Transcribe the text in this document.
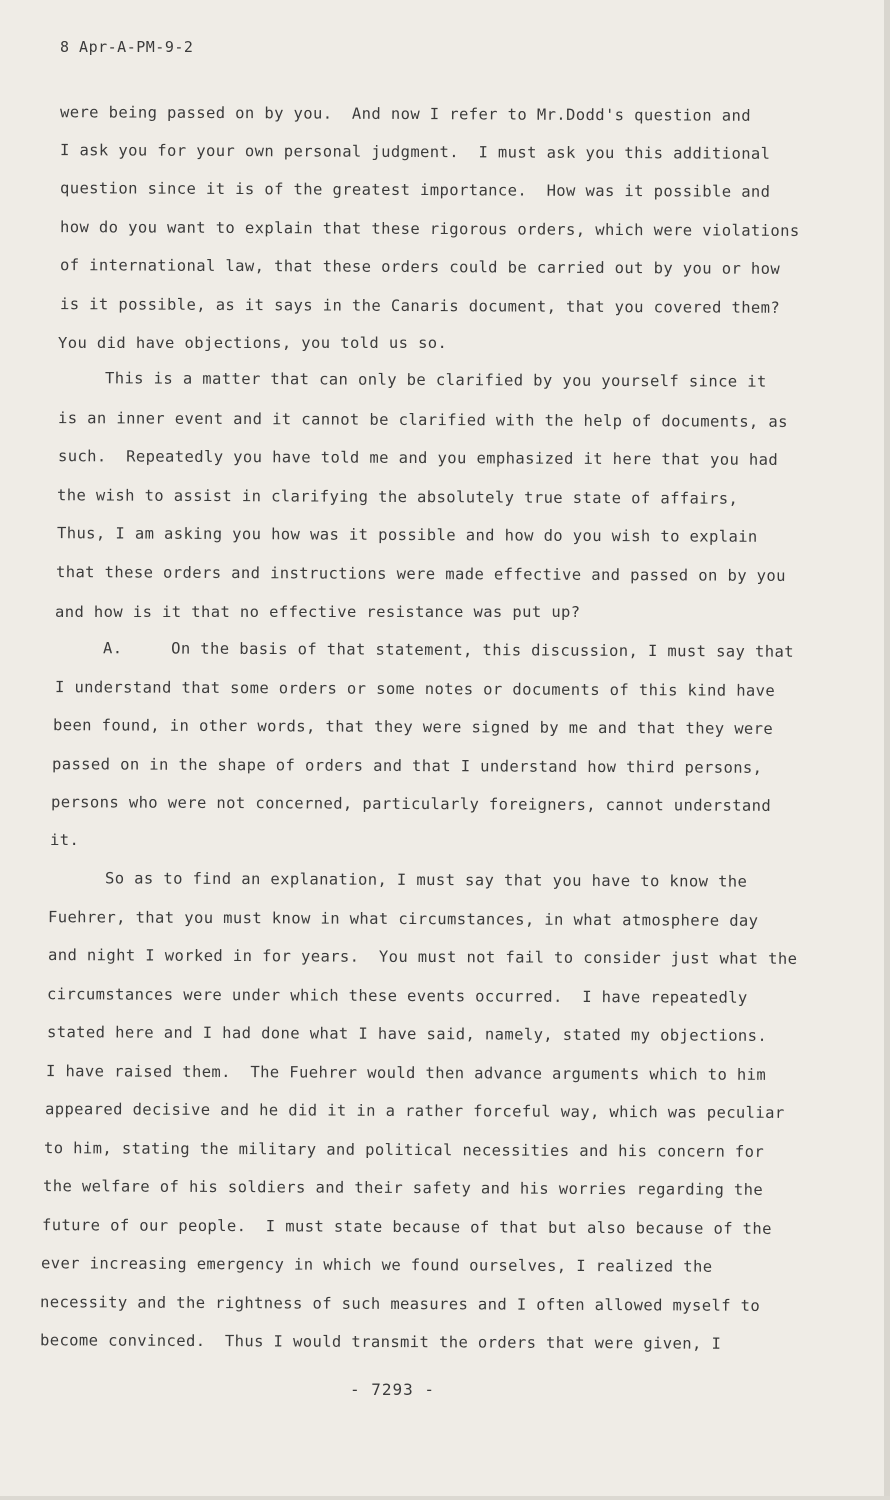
8 Apr-A-PM-9-2
were being passed on by you.  And now I refer to Mr.Dodd's question and
I ask you for your own personal judgment.  I must ask you this additional
question since it is of the greatest importance.  How was it possible and
how do you want to explain that these rigorous orders, which were violations
of international law, that these orders could be carried out by you or how
is it possible, as it says in the Canaris document, that you covered them?
You did have objections, you told us so.
This is a matter that can only be clarified by you yourself since it
is an inner event and it cannot be clarified with the help of documents, as
such.  Repeatedly you have told me and you emphasized it here that you had
the wish to assist in clarifying the absolutely true state of affairs,
Thus, I am asking you how was it possible and how do you wish to explain
that these orders and instructions were made effective and passed on by you
and how is it that no effective resistance was put up?
A.     On the basis of that statement, this discussion, I must say that
I understand that some orders or some notes or documents of this kind have
been found, in other words, that they were signed by me and that they were
passed on in the shape of orders and that I understand how third persons,
persons who were not concerned, particularly foreigners, cannot understand
it.
So as to find an explanation, I must say that you have to know the
Fuehrer, that you must know in what circumstances, in what atmosphere day
and night I worked in for years.  You must not fail to consider just what the
circumstances were under which these events occurred.  I have repeatedly
stated here and I had done what I have said, namely, stated my objections.
I have raised them.  The Fuehrer would then advance arguments which to him
appeared decisive and he did it in a rather forceful way, which was peculiar
to him, stating the military and political necessities and his concern for
the welfare of his soldiers and their safety and his worries regarding the
future of our people.  I must state because of that but also because of the
ever increasing emergency in which we found ourselves, I realized the
necessity and the rightness of such measures and I often allowed myself to
become convinced.  Thus I would transmit the orders that were given, I
- 7293 -
